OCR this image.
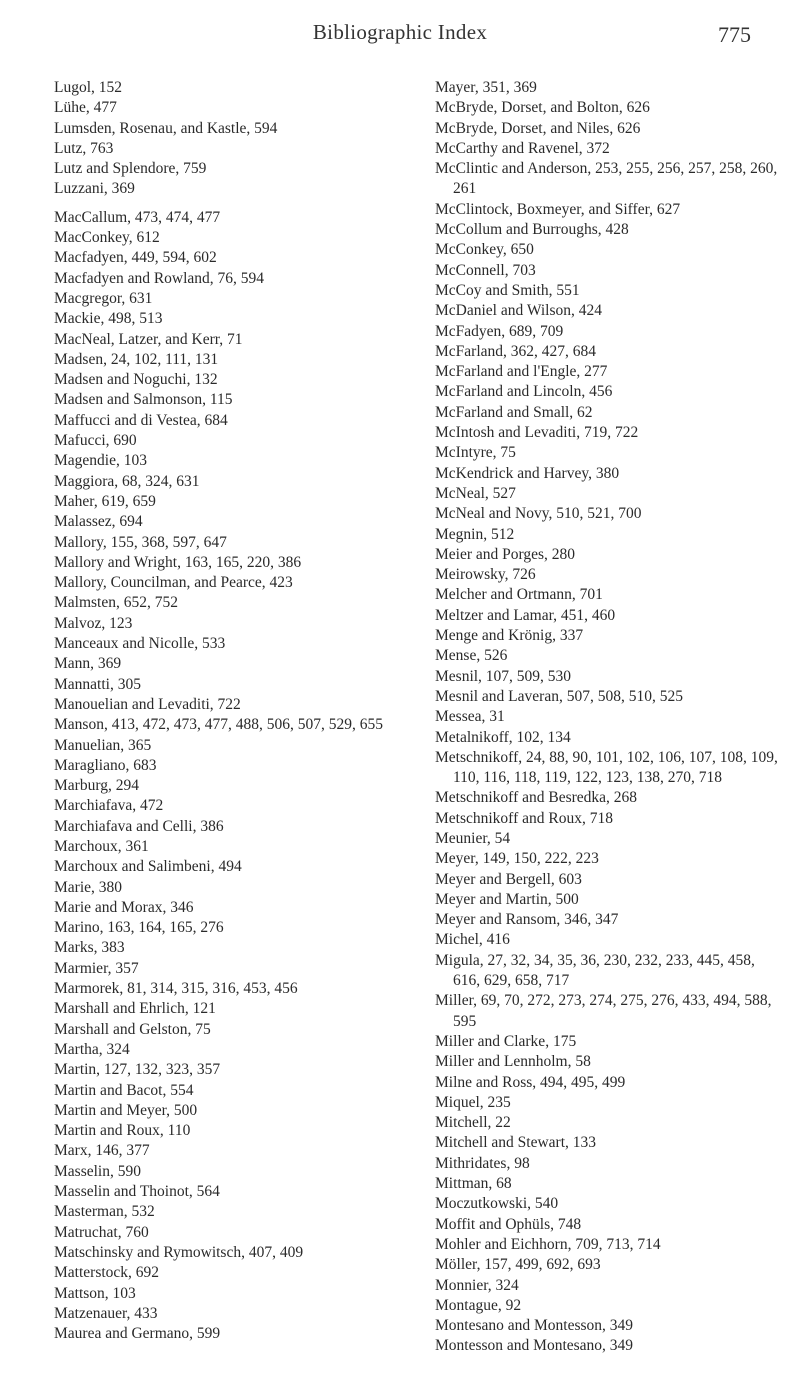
Bibliographic Index	775

Lugol, 152

Lühe, 477

Lumsden, Rosenau, and Kastle, 594

Lutz, 763

Lutz and Splendore, 759

Luzzani, 369

MacCallum, 473, 474, 477

MacConkey, 612

Macfadyen, 449, 594, 602

Macfadyen and Rowland, 76, 594

Macgregor, 631

Mackie, 498, 513

MacNeal, Latzer, and Kerr, 71

Madsen, 24, 102, 111, 131

Madsen and Noguchi, 132

Madsen and Salmonson, 115

Maffucci and di Vestea, 684

Mafucci, 690

Magendie, 103

Maggiora, 68, 324, 631

Maher, 619, 659

Malassez, 694

Mallory, 155, 368, 597, 647

Mallory and Wright, 163, 165, 220, 386

Mallory, Councilman, and Pearce, 423

Malmsten, 652, 752

Malvoz, 123

Manceaux and Nicolle, 533

Mann, 369

Mannatti, 305

Manouelian and Levaditi, 722

Manson, 413, 472, 473, 477, 488, 506, 507, 529, 655

Manuelian, 365

Maragliano, 683

Marburg, 294

Marchiafava, 472

Marchiafava and Celli, 386

Marchoux, 361

Marchoux and Salimbeni, 494

Marie, 380

Marie and Morax, 346

Marino, 163, 164, 165, 276

Marks, 383

Marmier, 357

Marmorek, 81, 314, 315, 316, 453, 456

Marshall and Ehrlich, 121

Marshall and Gelston, 75

Martha, 324

Martin, 127, 132, 323, 357

Martin and Bacot, 554

Martin and Meyer, 500

Martin and Roux, 110

Marx, 146, 377

Masselin, 590

Masselin and Thoinot, 564

Masterman, 532

Matruchat, 760

Matschinsky and Rymowitsch, 407, 409

Matterstock, 692

Mattson, 103

Matzenauer, 433

Maurea and Germano, 599

Mayer, 351, 369

McBryde, Dorset, and Bolton, 626

McBryde, Dorset, and Niles, 626

McCarthy and Ravenel, 372

McClintic and Anderson, 253, 255, 256, 257, 258, 260, 261

McClintock, Boxmeyer, and Siffer, 627

McCollum and Burroughs, 428

McConkey, 650

McConnell, 703

McCoy and Smith, 551

McDaniel and Wilson, 424

McFadyen, 689, 709

McFarland, 362, 427, 684

McFarland and l'Engle, 277

McFarland and Lincoln, 456

McFarland and Small, 62

McIntosh and Levaditi, 719, 722

McIntyre, 75

McKendrick and Harvey, 380

McNeal, 527

McNeal and Novy, 510, 521, 700

Megnin, 512

Meier and Porges, 280

Meirowsky, 726

Melcher and Ortmann, 701

Meltzer and Lamar, 451, 460

Menge and Krönig, 337

Mense, 526

Mesnil, 107, 509, 530

Mesnil and Laveran, 507, 508, 510, 525

Messea, 31

Metalnikoff, 102, 134

Metschnikoff, 24, 88, 90, 101, 102, 106, 107, 108, 109, 110, 116, 118, 119, 122, 123, 138, 270, 718

Metschnikoff and Besredka, 268

Metschnikoff and Roux, 718

Meunier, 54

Meyer, 149, 150, 222, 223

Meyer and Bergell, 603

Meyer and Martin, 500

Meyer and Ransom, 346, 347

Michel, 416

Migula, 27, 32, 34, 35, 36, 230, 232, 233, 445, 458, 616, 629, 658, 717

Miller, 69, 70, 272, 273, 274, 275, 276, 433, 494, 588, 595

Miller and Clarke, 175

Miller and Lennholm, 58

Milne and Ross, 494, 495, 499

Miquel, 235

Mitchell, 22

Mitchell and Stewart, 133

Mithridates, 98

Mittman, 68

Moczutkowski, 540

Moffit and Ophüls, 748

Mohler and Eichhorn, 709, 713, 714

Möller, 157, 499, 692, 693

Monnier, 324

Montague, 92

Montesano and Montesson, 349

Montesson and Montesano, 349
